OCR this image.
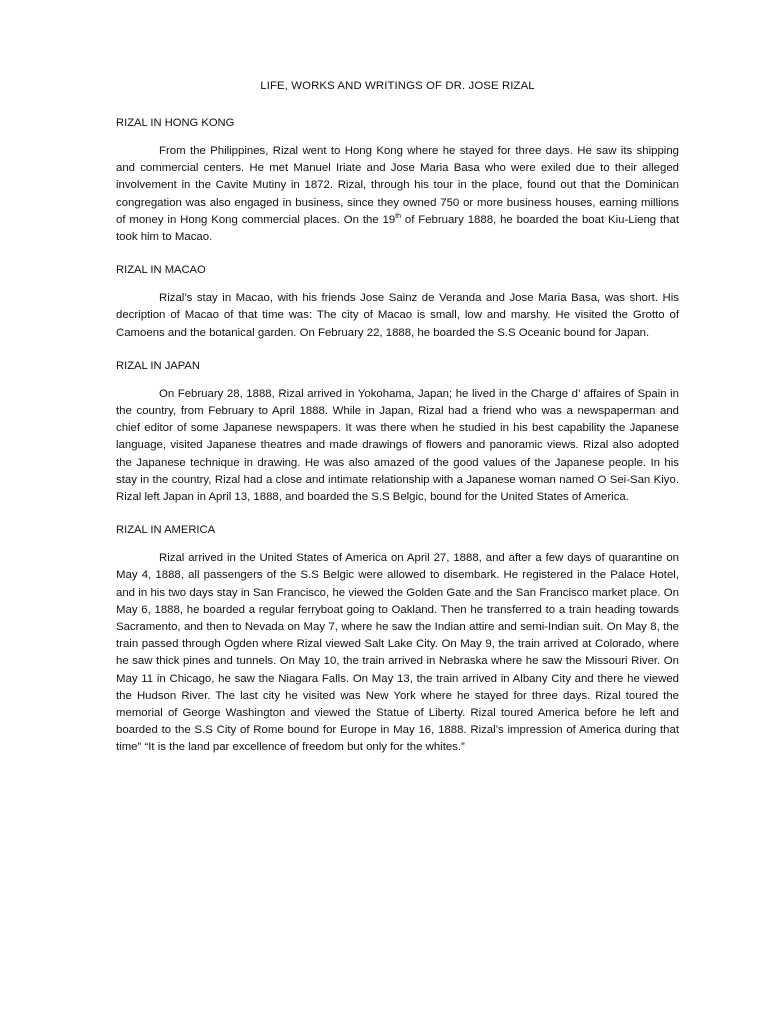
LIFE, WORKS AND WRITINGS OF DR. JOSE RIZAL
RIZAL IN HONG KONG

From the Philippines, Rizal went to Hong Kong where he stayed for three days. He saw its shipping and commercial centers. He met Manuel Iriate and Jose Maria Basa who were exiled due to their alleged involvement in the Cavite Mutiny in 1872. Rizal, through his tour in the place, found out that the Dominican congregation was also engaged in business, since they owned 750 or more business houses, earning millions of money in Hong Kong commercial places. On the 19th of February 1888, he boarded the boat Kiu-Lieng that took him to Macao.

RIZAL IN MACAO

Rizal’s stay in Macao, with his friends Jose Sainz de Veranda and Jose Maria Basa, was short. His decription of Macao of that time was: The city of Macao is small, low and marshy. He visited the Grotto of Camoens and the botanical garden. On February 22, 1888, he boarded the S.S Oceanic bound for Japan.

RIZAL IN JAPAN

On February 28, 1888, Rizal arrived in Yokohama, Japan; he lived in the Charge d’ affaires of Spain in the country, from February to April 1888. While in Japan, Rizal had a friend who was a newspaperman and chief editor of some Japanese newspapers. It was there when he studied in his best capability the Japanese language, visited Japanese theatres and made drawings of flowers and panoramic views. Rizal also adopted the Japanese technique in drawing. He was also amazed of the good values of the Japanese people. In his stay in the country, Rizal had a close and intimate relationship with a Japanese woman named O Sei-San Kiyo. Rizal left Japan in April 13, 1888, and boarded the S.S Belgic, bound for the United States of America.

RIZAL IN AMERICA

Rizal arrived in the United States of America on April 27, 1888, and after a few days of quarantine on May 4, 1888, all passengers of the S.S Belgic were allowed to disembark. He registered in the Palace Hotel, and in his two days stay in San Francisco, he viewed the Golden Gate and the San Francisco market place. On May 6, 1888, he boarded a regular ferryboat going to Oakland. Then he transferred to a train heading towards Sacramento, and then to Nevada on May 7, where he saw the Indian attire and semi-Indian suit. On May 8, the train passed through Ogden where Rizal viewed Salt Lake City. On May 9, the train arrived at Colorado, where he saw thick pines and tunnels. On May 10, the train arrived in Nebraska where he saw the Missouri River. On May 11 in Chicago, he saw the Niagara Falls. On May 13, the train arrived in Albany City and there he viewed the Hudson River. The last city he visited was New York where he stayed for three days. Rizal toured the memorial of George Washington and viewed the Statue of Liberty. Rizal toured America before he left and boarded to the S.S City of Rome bound for Europe in May 16, 1888. Rizal’s impression of America during that time” “It is the land par excellence of freedom but only for the whites.”
